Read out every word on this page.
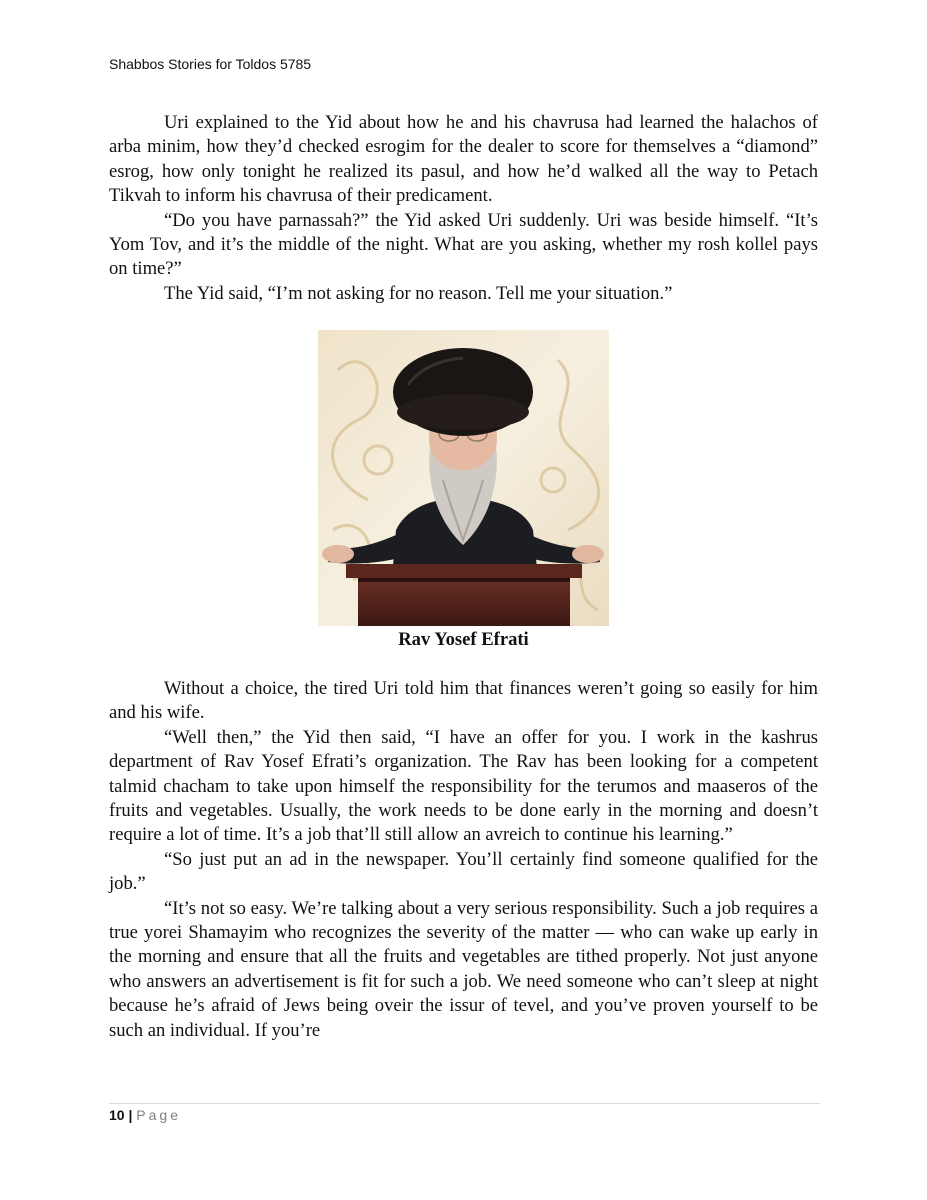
Shabbos Stories for Toldos 5785

Uri explained to the Yid about how he and his chavrusa had learned the halachos of arba minim, how they’d checked esrogim for the dealer to score for themselves a “diamond” esrog, how only tonight he realized its pasul, and how he’d walked all the way to Petach Tikvah to inform his chavrusa of their predicament.

“Do you have parnassah?” the Yid asked Uri suddenly. Uri was beside himself. “It’s Yom Tov, and it’s the middle of the night. What are you asking, whether my rosh kollel pays on time?”

The Yid said, “I’m not asking for no reason. Tell me your situation.”

Rav Yosef Efrati

Without a choice, the tired Uri told him that finances weren’t going so easily for him and his wife.

“Well then,” the Yid then said, “I have an offer for you. I work in the kashrus department of Rav Yosef Efrati’s organization. The Rav has been looking for a competent talmid chacham to take upon himself the responsibility for the terumos and maaseros of the fruits and vegetables. Usually, the work needs to be done early in the morning and doesn’t require a lot of time. It’s a job that’ll still allow an avreich to continue his learning.”

“So just put an ad in the newspaper. You’ll certainly find someone qualified for the job.”

“It’s not so easy. We’re talking about a very serious responsibility. Such a job requires a true yorei Shamayim who recognizes the severity of the matter — who can wake up early in the morning and ensure that all the fruits and vegetables are tithed properly. Not just anyone who answers an advertisement is fit for such a job. We need someone who can’t sleep at night because he’s afraid of Jews being oveir the issur of tevel, and you’ve proven yourself to be such an individual. If you’re

10 | Page
